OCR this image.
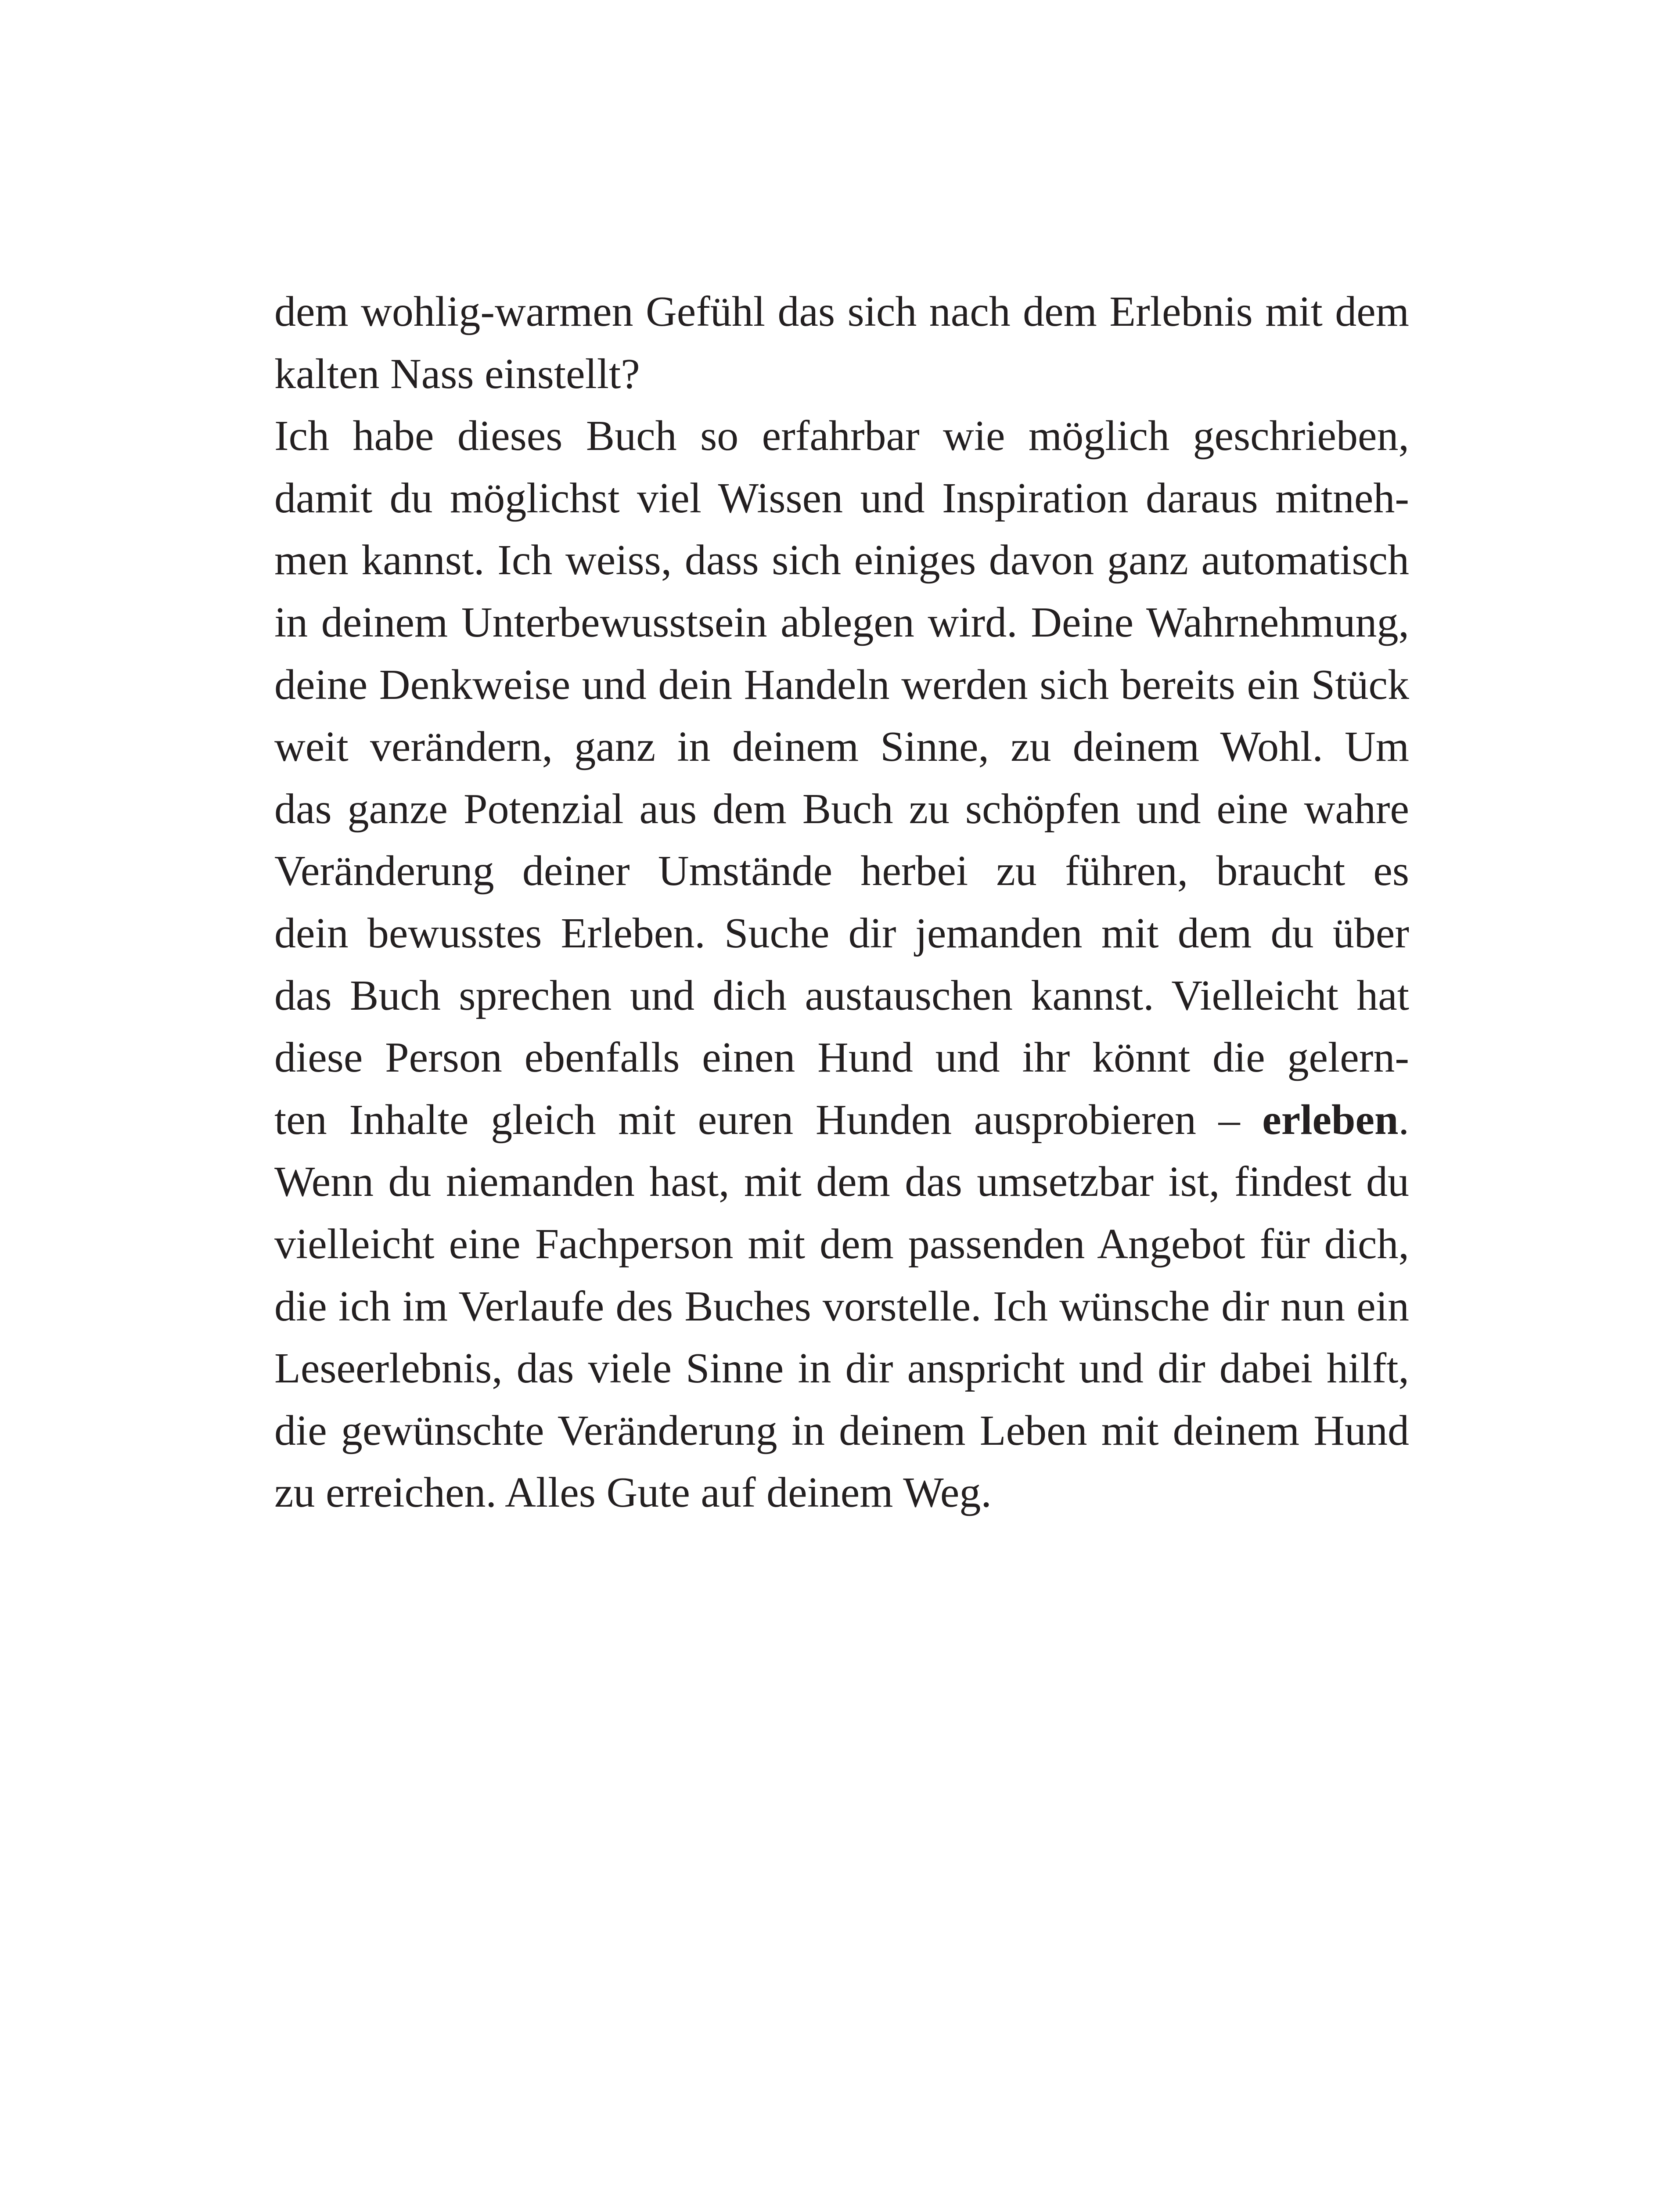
dem wohlig-warmen Gefühl das sich nach dem Erlebnis mit dem
kalten Nass einstellt?
Ich habe dieses Buch so erfahrbar wie möglich geschrieben,
damit du möglichst viel Wissen und Inspiration daraus mitneh-
men kannst. Ich weiss, dass sich einiges davon ganz automatisch
in deinem Unterbewusstsein ablegen wird. Deine Wahrnehmung,
deine Denkweise und dein Handeln werden sich bereits ein Stück
weit verändern, ganz in deinem Sinne, zu deinem Wohl. Um
das ganze Potenzial aus dem Buch zu schöpfen und eine wahre
Veränderung deiner Umstände herbei zu führen, braucht es
dein bewusstes Erleben. Suche dir jemanden mit dem du über
das Buch sprechen und dich austauschen kannst. Vielleicht hat
diese Person ebenfalls einen Hund und ihr könnt die gelern-
ten Inhalte gleich mit euren Hunden ausprobieren – erleben.
Wenn du niemanden hast, mit dem das umsetzbar ist, findest du
vielleicht eine Fachperson mit dem passenden Angebot für dich,
die ich im Verlaufe des Buches vorstelle. Ich wünsche dir nun ein
Leseerlebnis, das viele Sinne in dir anspricht und dir dabei hilft,
die gewünschte Veränderung in deinem Leben mit deinem Hund
zu erreichen. Alles Gute auf deinem Weg.
